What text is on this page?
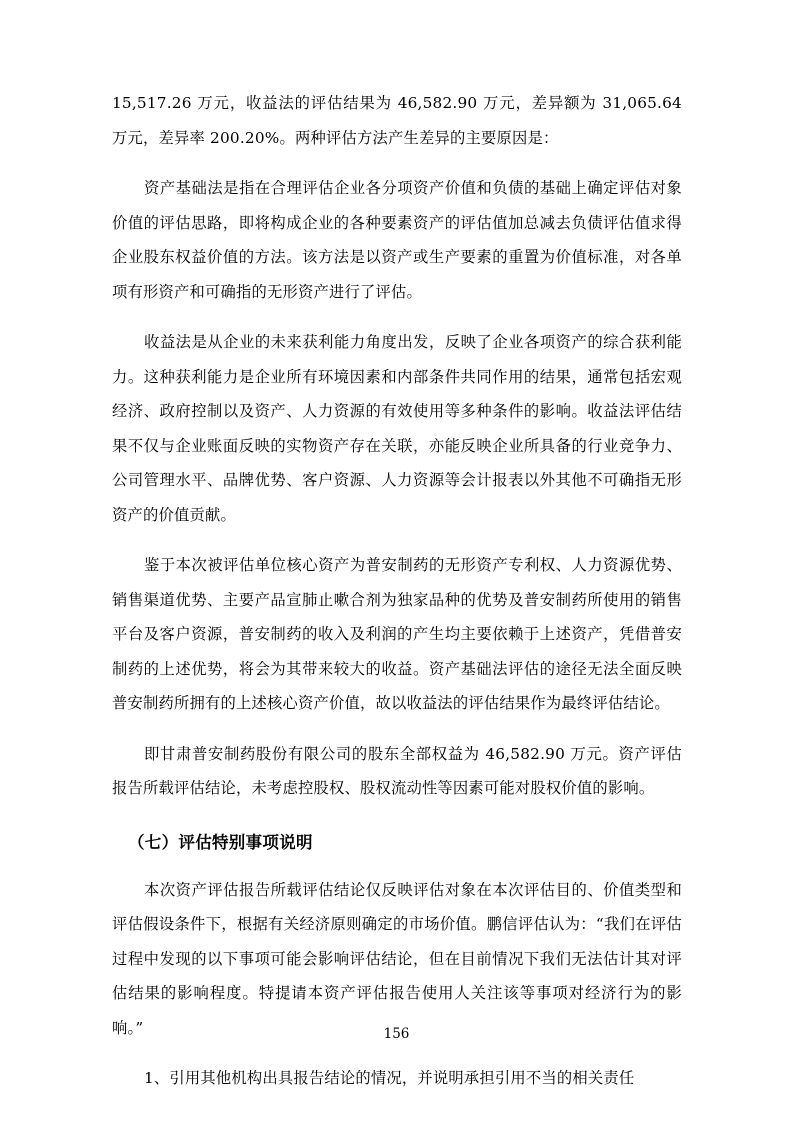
15,517.26 万元，收益法的评估结果为 46,582.90 万元，差异额为 31,065.64 万元，差异率 200.20%。两种评估方法产生差异的主要原因是：

资产基础法是指在合理评估企业各分项资产价值和负债的基础上确定评估对象价值的评估思路，即将构成企业的各种要素资产的评估值加总减去负债评估值求得企业股东权益价值的方法。该方法是以资产或生产要素的重置为价值标准，对各单项有形资产和可确指的无形资产进行了评估。

收益法是从企业的未来获利能力角度出发，反映了企业各项资产的综合获利能力。这种获利能力是企业所有环境因素和内部条件共同作用的结果，通常包括宏观经济、政府控制以及资产、人力资源的有效使用等多种条件的影响。收益法评估结果不仅与企业账面反映的实物资产存在关联，亦能反映企业所具备的行业竞争力、公司管理水平、品牌优势、客户资源、人力资源等会计报表以外其他不可确指无形资产的价值贡献。

鉴于本次被评估单位核心资产为普安制药的无形资产专利权、人力资源优势、销售渠道优势、主要产品宣肺止嗽合剂为独家品种的优势及普安制药所使用的销售平台及客户资源，普安制药的收入及利润的产生均主要依赖于上述资产，凭借普安制药的上述优势，将会为其带来较大的收益。资产基础法评估的途径无法全面反映普安制药所拥有的上述核心资产价值，故以收益法的评估结果作为最终评估结论。

即甘肃普安制药股份有限公司的股东全部权益为 46,582.90 万元。资产评估报告所载评估结论，未考虑控股权、股权流动性等因素可能对股权价值的影响。

（七）评估特别事项说明

本次资产评估报告所载评估结论仅反映评估对象在本次评估目的、价值类型和评估假设条件下，根据有关经济原则确定的市场价值。鹏信评估认为：“我们在评估过程中发现的以下事项可能会影响评估结论，但在目前情况下我们无法估计其对评估结果的影响程度。特提请本资产评估报告使用人关注该等事项对经济行为的影响。”

1、引用其他机构出具报告结论的情况，并说明承担引用不当的相关责任

156
